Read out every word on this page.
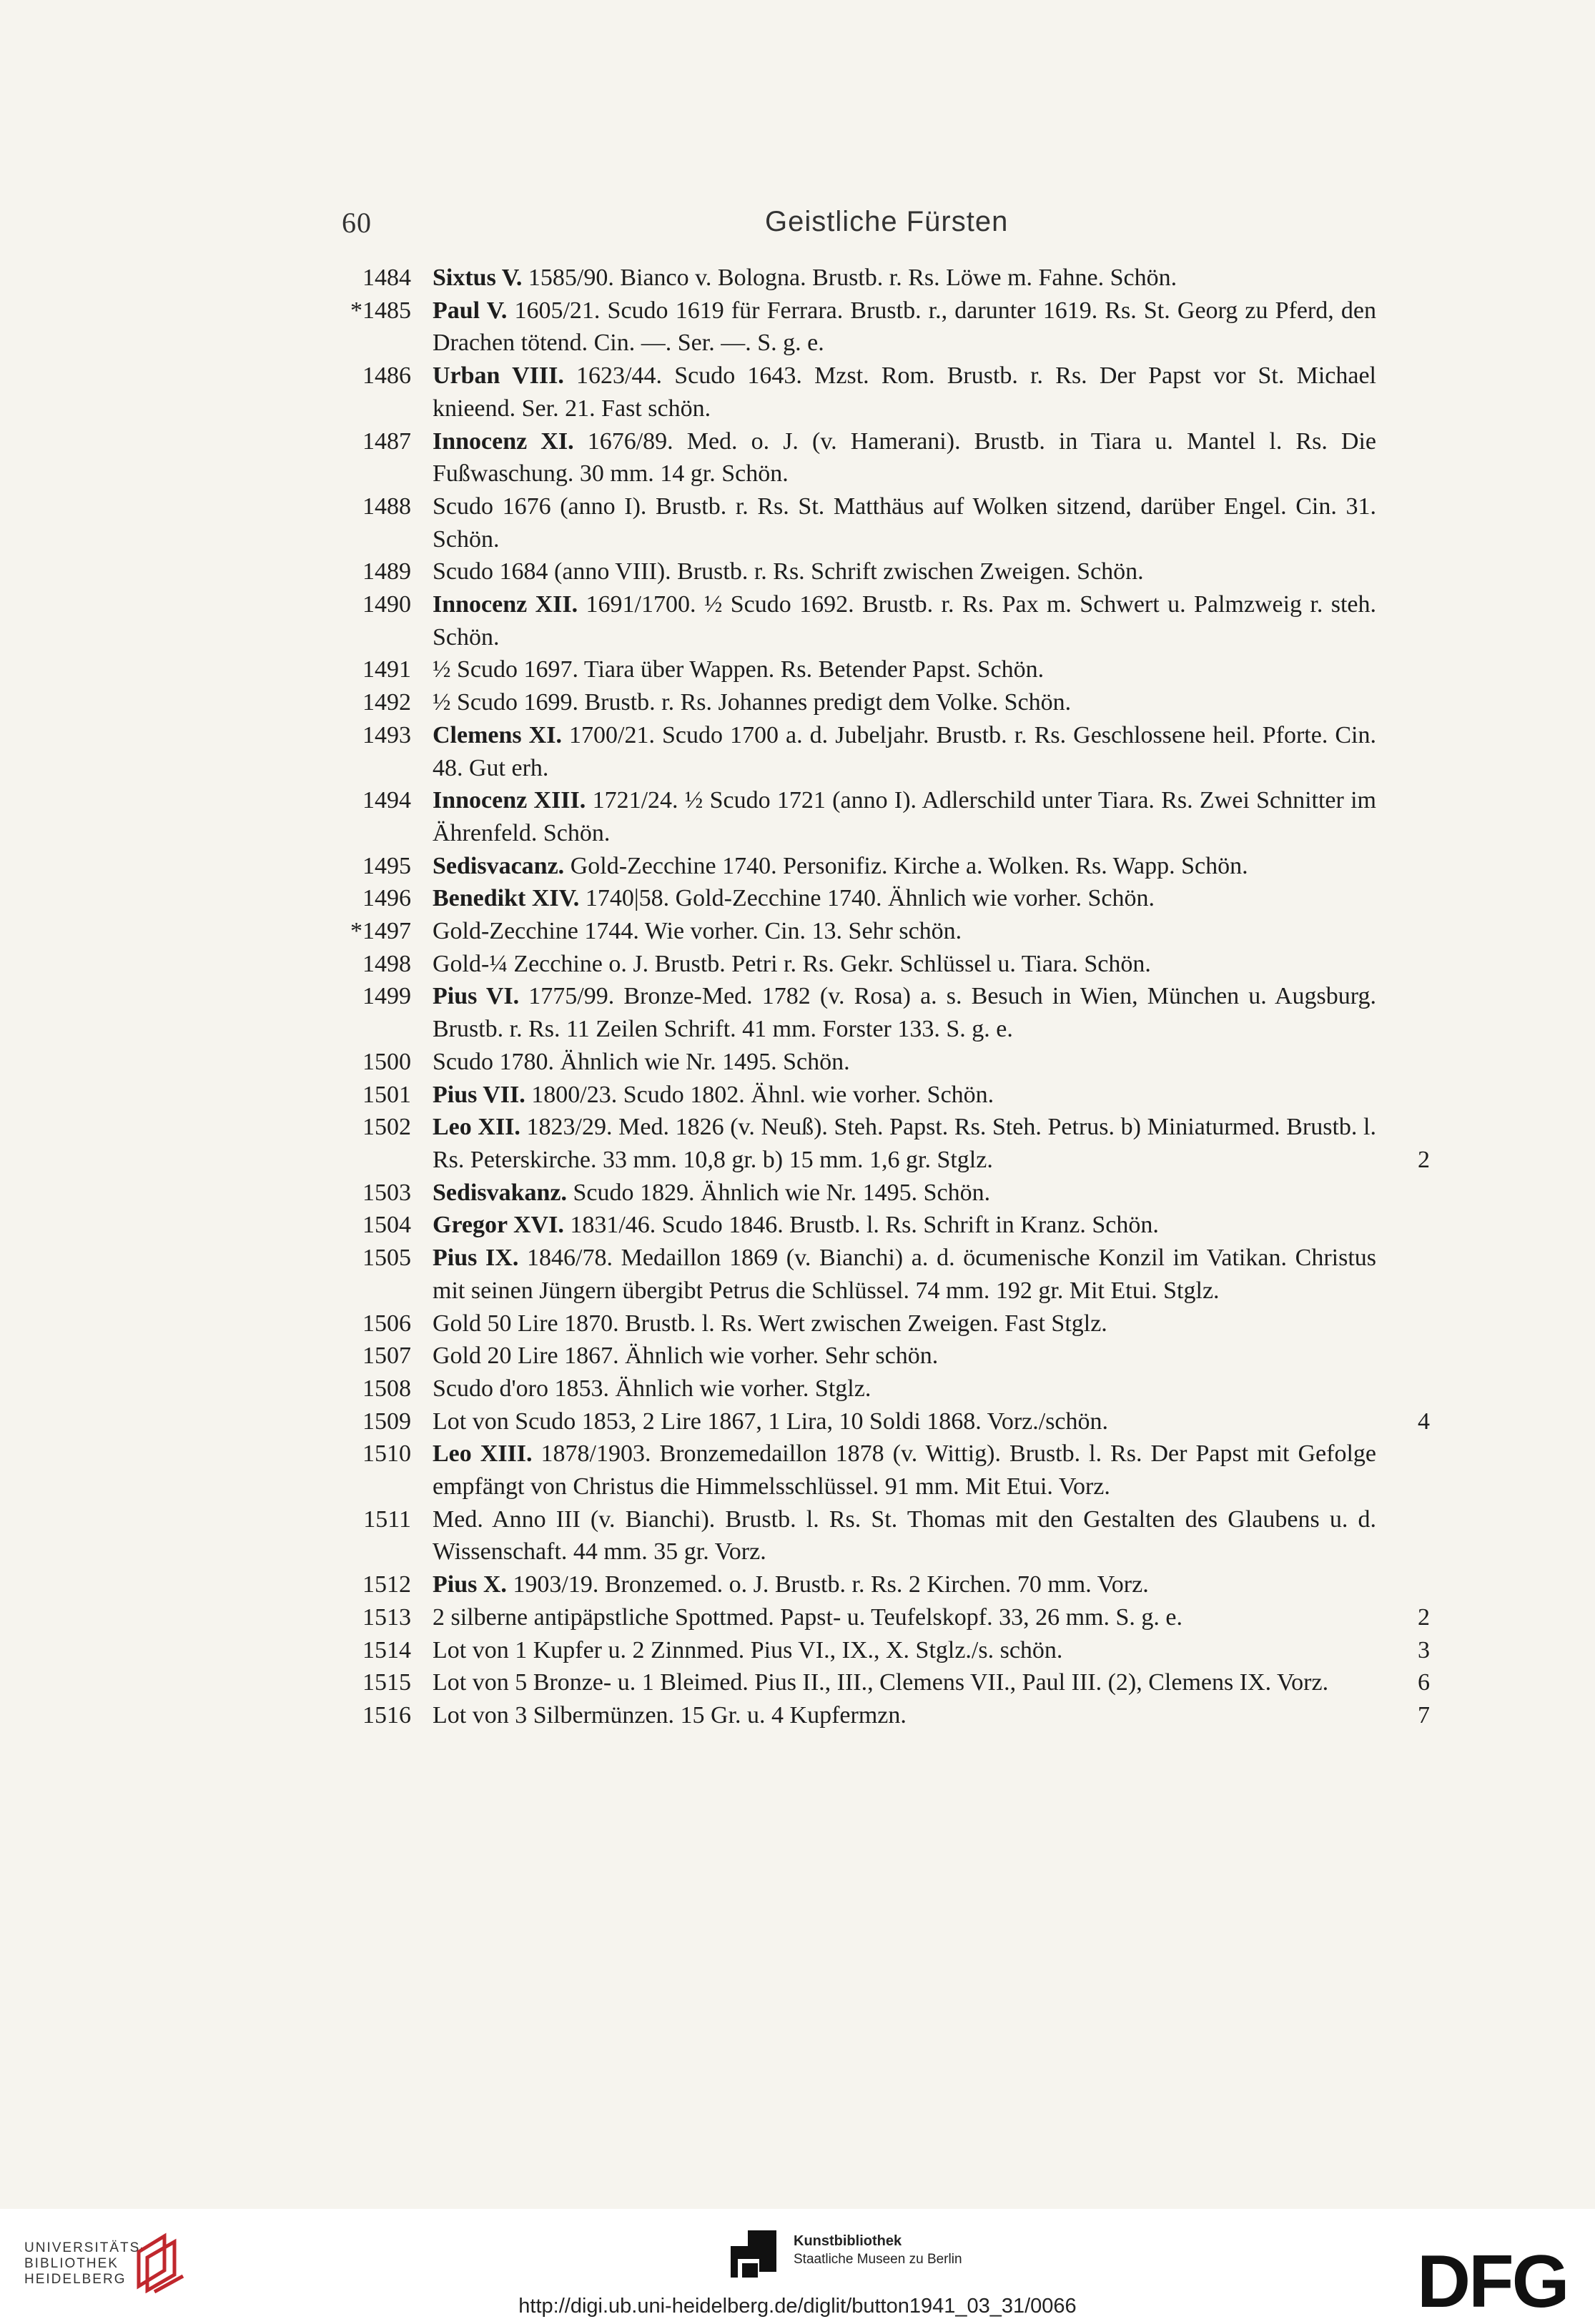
60	Geistliche Fürsten
1484 Sixtus V. 1585/90. Bianco v. Bologna. Brustb. r. Rs. Löwe m. Fahne. Schön.
*1485 Paul V. 1605/21. Scudo 1619 für Ferrara. Brustb. r., darunter 1619. Rs. St. Georg zu Pferd, den Drachen tötend. Cin. —. Ser. —. S. g. e.
1486 Urban VIII. 1623/44. Scudo 1643. Mzst. Rom. Brustb. r. Rs. Der Papst vor St. Michael knieend. Ser. 21. Fast schön.
1487 Innocenz XI. 1676/89. Med. o. J. (v. Hamerani). Brustb. in Tiara u. Mantel l. Rs. Die Fußwaschung. 30 mm. 14 gr. Schön.
1488 Scudo 1676 (anno I). Brustb. r. Rs. St. Matthäus auf Wolken sitzend, darüber Engel. Cin. 31. Schön.
1489 Scudo 1684 (anno VIII). Brustb. r. Rs. Schrift zwischen Zweigen. Schön.
1490 Innocenz XII. 1691/1700. ½ Scudo 1692. Brustb. r. Rs. Pax m. Schwert u. Palmzweig r. steh. Schön.
1491 ½ Scudo 1697. Tiara über Wappen. Rs. Betender Papst. Schön.
1492 ½ Scudo 1699. Brustb. r. Rs. Johannes predigt dem Volke. Schön.
1493 Clemens XI. 1700/21. Scudo 1700 a. d. Jubeljahr. Brustb. r. Rs. Geschlossene heil. Pforte. Cin. 48. Gut erh.
1494 Innocenz XIII. 1721/24. ½ Scudo 1721 (anno I). Adlerschild unter Tiara. Rs. Zwei Schnitter im Ährenfeld. Schön.
1495 Sedisvacanz. Gold-Zecchine 1740. Personifiz. Kirche a. Wolken. Rs. Wapp. Schön.
1496 Benedikt XIV. 1740|58. Gold-Zecchine 1740. Ähnlich wie vorher. Schön.
*1497 Gold-Zecchine 1744. Wie vorher. Cin. 13. Sehr schön.
1498 Gold-¼ Zecchine o. J. Brustb. Petri r. Rs. Gekr. Schlüssel u. Tiara. Schön.
1499 Pius VI. 1775/99. Bronze-Med. 1782 (v. Rosa) a. s. Besuch in Wien, München u. Augsburg. Brustb. r. Rs. 11 Zeilen Schrift. 41 mm. Forster 133. S. g. e.
1500 Scudo 1780. Ähnlich wie Nr. 1495. Schön.
1501 Pius VII. 1800/23. Scudo 1802. Ähnl. wie vorher. Schön.
1502 Leo XII. 1823/29. Med. 1826 (v. Neuß). Steh. Papst. Rs. Steh. Petrus. b) Miniaturmed. Brustb. l. Rs. Peterskirche. 33 mm. 10,8 gr. b) 15 mm. 1,6 gr. Stglz.	2
1503 Sedisvakanz. Scudo 1829. Ähnlich wie Nr. 1495. Schön.
1504 Gregor XVI. 1831/46. Scudo 1846. Brustb. l. Rs. Schrift in Kranz. Schön.
1505 Pius IX. 1846/78. Medaillon 1869 (v. Bianchi) a. d. öcumenische Konzil im Vatikan. Christus mit seinen Jüngern übergibt Petrus die Schlüssel. 74 mm. 192 gr. Mit Etui. Stglz.
1506 Gold 50 Lire 1870. Brustb. l. Rs. Wert zwischen Zweigen. Fast Stglz.
1507 Gold 20 Lire 1867. Ähnlich wie vorher. Sehr schön.
1508 Scudo d'oro 1853. Ähnlich wie vorher. Stglz.
1509 Lot von Scudo 1853, 2 Lire 1867, 1 Lira, 10 Soldi 1868. Vorz./schön.	4
1510 Leo XIII. 1878/1903. Bronzemedaillon 1878 (v. Wittig). Brustb. l. Rs. Der Papst mit Gefolge empfängt von Christus die Himmelsschlüssel. 91 mm. Mit Etui. Vorz.
1511 Med. Anno III (v. Bianchi). Brustb. l. Rs. St. Thomas mit den Gestalten des Glaubens u. d. Wissenschaft. 44 mm. 35 gr. Vorz.
1512 Pius X. 1903/19. Bronzemed. o. J. Brustb. r. Rs. 2 Kirchen. 70 mm. Vorz.
1513 2 silberne antipäpstliche Spottmed. Papst- u. Teufelskopf. 33, 26 mm. S. g. e.	2
1514 Lot von 1 Kupfer u. 2 Zinnmed. Pius VI., IX., X. Stglz./s. schön.	3
1515 Lot von 5 Bronze- u. 1 Bleimed. Pius II., III., Clemens VII., Paul III. (2), Clemens IX. Vorz.	6
1516 Lot von 3 Silbermünzen. 15 Gr. u. 4 Kupfermzn.	7
UNIVERSITÄTS-
BIBLIOTHEK
HEIDELBERG
Kunstbibliothek
Staatliche Museen zu Berlin	DFG
http://digi.ub.uni-heidelberg.de/diglit/button1941_03_31/0066
